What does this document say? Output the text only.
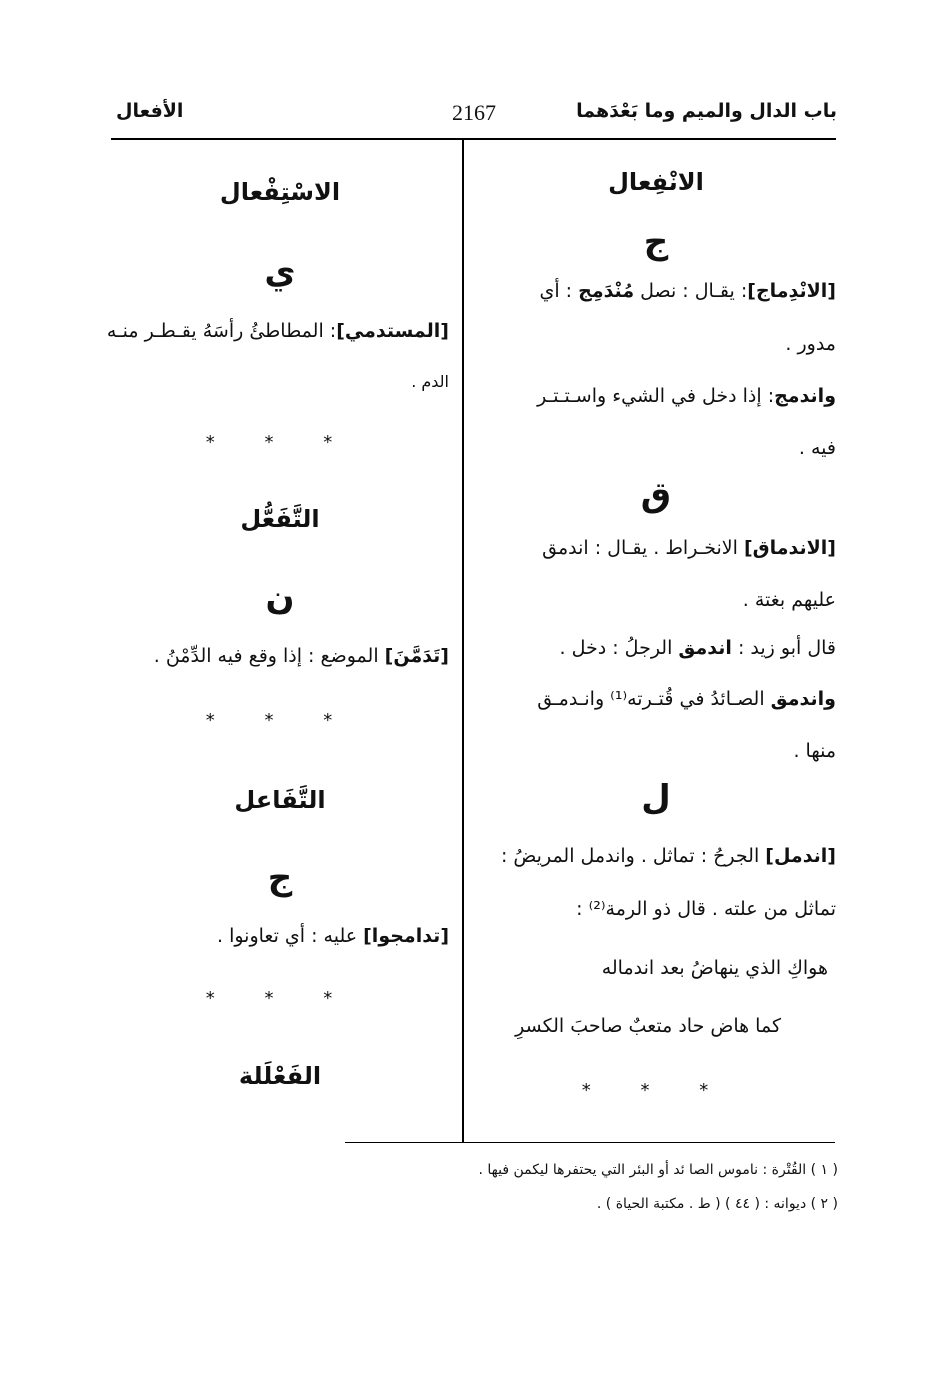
باب الدال والميم وما بَعْدَهما
2167
الأفعال
الانْفِعال
ج
[الانْدِماج]: يقـال : نصل مُنْدَمِج : أي
مدور .
واندمج: إذا دخل في الشيء واسـتـتـر
فيه .
ق
[الاندماق] الانخـراط . يقـال : اندمق
عليهم بغتة .
قال أبو زيد : اندمق الرجلُ : دخل .
واندمق الصـائدُ في قُتـرته⁽¹⁾ وانـدمـق
منها .
ل
[اندمل] الجرحُ : تماثل . واندمل المريضُ :
تماثل من علته . قال ذو الرمة⁽²⁾ :
هواكِ الذي ينهاضُ بعد اندماله
كما هاض حاد متعبٌ صاحبَ الكسرِ
* * *
الاسْتِفْعال
ي
[المستدمي]: المطاطئُ رأسَهُ يقـطـر منـه
الدم .
* * *
التَّفَعُّل
ن
[تَدَمَّنَ] الموضع : إذا وقع فيه الدِّمْنُ .
* * *
التَّفَاعل
ج
[تدامجوا] عليه : أي تعاونوا .
* * *
الفَعْلَلة
( ١ ) القُتْرة : ناموس الصا ئد أو البئر التي يحتفرها ليكمن فيها .
( ٢ ) ديوانه : ( ٤٤ ) ( ط . مكتبة الحياة ) .
